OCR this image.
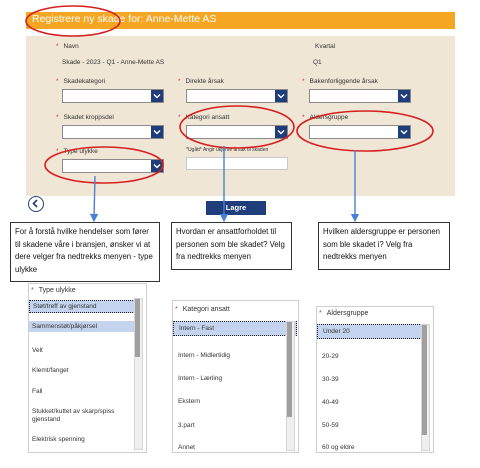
Registrere ny skade for: Anne-Mette AS
* Navn
Skade - 2023 - Q1 - Anne-Mette AS
Kvartal
Q1
* Skadekategori	* Direkte årsak	* Bakenforliggende årsak
* Skadet kroppsdel	* Kategori ansatt	* Aldersgruppe
* Type ulykke	*Ugått* Angir ukjente årsak til skaden
Lagre
For å forstå hvilke hendelser som fører til skadene våre i bransjen, ønsker vi at dere velger fra nedtrekks menyen - type ulykke
Hvordan er ansattforholdet til personen som ble skadet? Velg fra nedtrekks menyen
Hvilken aldersgruppe er personen som ble skadet i? Velg fra nedtrekks menyen
* Type ulykke
Støt/treff av gjenstand
Sammenstøt/påkjørsel
Velt
Klemt/fanget
Fall
Stukket/kuttet av skarp/spiss gjenstand
Elektrisk spenning
* Kategori ansatt
Intern - Fast
Intern - Midlertidig
Intern - Lærling
Ekstern
3.part
Annet
* Aldersgruppe
Under 20
20-29
30-39
40-49
50-59
60 og eldre
